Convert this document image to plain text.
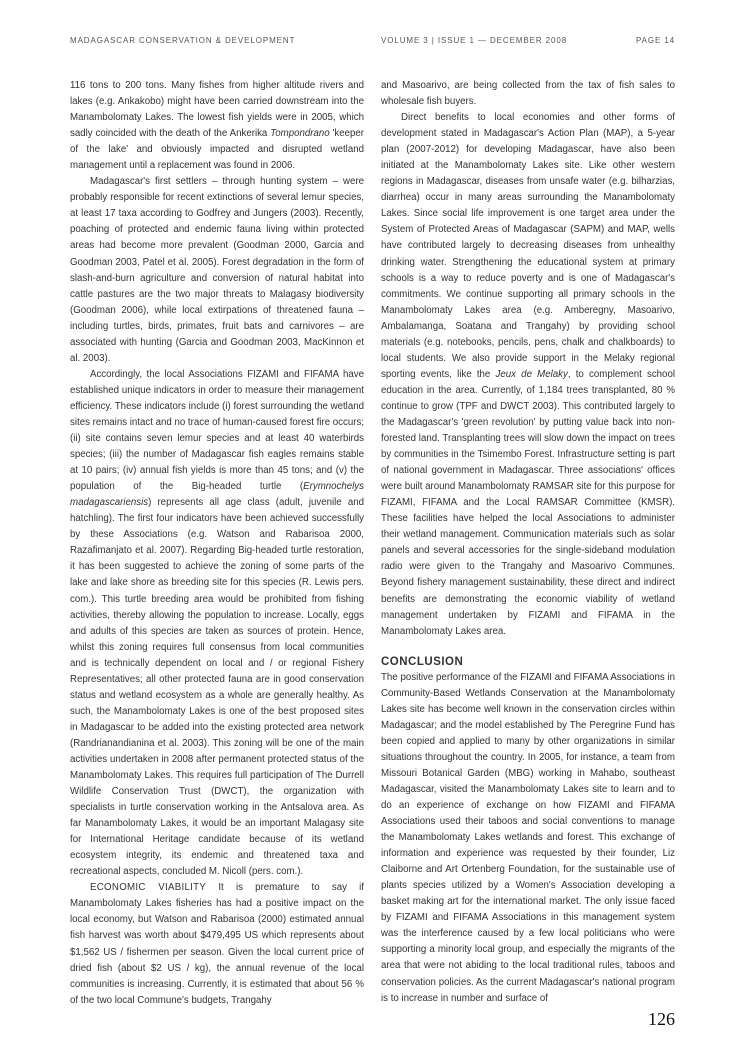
MADAGASCAR CONSERVATION & DEVELOPMENT	VOLUME 3 | ISSUE 1 — DECEMBER 2008	PAGE 14

116 tons to 200 tons. Many fishes from higher altitude rivers and lakes (e.g. Ankakobo) might have been carried downstream into the Manambolomaty Lakes. The lowest fish yields were in 2005, which sadly coincided with the death of the Ankerika Tompondrano 'keeper of the lake' and obviously impacted and disrupted wetland management until a replacement was found in 2006.

Madagascar's first settlers – through hunting system – were probably responsible for recent extinctions of several lemur species, at least 17 taxa according to Godfrey and Jungers (2003). Recently, poaching of protected and endemic fauna living within protected areas had become more prevalent (Goodman 2000, Garcia and Goodman 2003, Patel et al. 2005). Forest degradation in the form of slash-and-burn agriculture and conversion of natural habitat into cattle pastures are the two major threats to Malagasy biodiversity (Goodman 2006), while local extirpations of threatened fauna – including turtles, birds, primates, fruit bats and carnivores – are associated with hunting (Garcia and Goodman 2003, MacKinnon et al. 2003).

Accordingly, the local Associations FIZAMI and FIFAMA have established unique indicators in order to measure their management efficiency. These indicators include (i) forest surrounding the wetland sites remains intact and no trace of human-caused forest fire occurs; (ii) site contains seven lemur species and at least 40 waterbirds species; (iii) the number of Madagascar fish eagles remains stable at 10 pairs; (iv) annual fish yields is more than 45 tons; and (v) the population of the Big-headed turtle (Erymnochelys madagascariensis) represents all age class (adult, juvenile and hatchling). The first four indicators have been achieved successfully by these Associations (e.g. Watson and Rabarisoa 2000, Razafimanjato et al. 2007). Regarding Big-headed turtle restoration, it has been suggested to achieve the zoning of some parts of the lake and lake shore as breeding site for this species (R. Lewis pers. com.). This turtle breeding area would be prohibited from fishing activities, thereby allowing the population to increase. Locally, eggs and adults of this species are taken as sources of protein. Hence, whilst this zoning requires full consensus from local communities and is technically dependent on local and / or regional Fishery Representatives; all other protected fauna are in good conservation status and wetland ecosystem as a whole are generally healthy. As such, the Manambolomaty Lakes is one of the best proposed sites in Madagascar to be added into the existing protected area network (Randrianandianina et al. 2003). This zoning will be one of the main activities undertaken in 2008 after permanent protected status of the Manambolomaty Lakes. This requires full participation of The Durrell Wildlife Conservation Trust (DWCT), the organization with specialists in turtle conservation working in the Antsalova area. As far Manambolomaty Lakes, it would be an important Malagasy site for International Heritage candidate because of its wetland ecosystem integrity, its endemic and threatened taxa and recreational aspects, concluded M. Nicoll (pers. com.).

ECONOMIC VIABILITY It is premature to say if Manambolomaty Lakes fisheries has had a positive impact on the local economy, but Watson and Rabarisoa (2000) estimated annual fish harvest was worth about $479,495 US which represents about $1,562 US / fishermen per season. Given the local current price of dried fish (about $2 US / kg), the annual revenue of the local communities is increasing. Currently, it is estimated that about 56 % of the two local Commune's budgets, Trangahy

and Masoarivo, are being collected from the tax of fish sales to wholesale fish buyers.

Direct benefits to local economies and other forms of development stated in Madagascar's Action Plan (MAP), a 5-year plan (2007-2012) for developing Madagascar, have also been initiated at the Manambolomaty Lakes site. Like other western regions in Madagascar, diseases from unsafe water (e.g. bilharzias, diarrhea) occur in many areas surrounding the Manambolomaty Lakes. Since social life improvement is one target area under the System of Protected Areas of Madagascar (SAPM) and MAP, wells have contributed largely to decreasing diseases from unhealthy drinking water. Strengthening the educational system at primary schools is a way to reduce poverty and is one of Madagascar's commitments. We continue supporting all primary schools in the Manambolomaty Lakes area (e.g. Amberegny, Masoarivo, Ambalamanga, Soatana and Trangahy) by providing school materials (e.g. notebooks, pencils, pens, chalk and chalkboards) to local students. We also provide support in the Melaky regional sporting events, like the Jeux de Melaky, to complement school education in the area. Currently, of 1,184 trees transplanted, 80 % continue to grow (TPF and DWCT 2003). This contributed largely to the Madagascar's 'green revolution' by putting value back into non-forested land. Transplanting trees will slow down the impact on trees by communities in the Tsimembo Forest. Infrastructure setting is part of national government in Madagascar. Three associations' offices were built around Manambolomaty RAMSAR site for this purpose for FIZAMI, FIFAMA and the Local RAMSAR Committee (KMSR). These facilities have helped the local Associations to administer their wetland management. Communication materials such as solar panels and several accessories for the single-sideband modulation radio were given to the Trangahy and Masoarivo Communes. Beyond fishery management sustainability, these direct and indirect benefits are demonstrating the economic viability of wetland management undertaken by FIZAMI and FIFAMA in the Manambolomaty Lakes area.

CONCLUSION

The positive performance of the FIZAMI and FIFAMA Associations in Community-Based Wetlands Conservation at the Manambolomaty Lakes site has become well known in the conservation circles within Madagascar; and the model established by The Peregrine Fund has been copied and applied to many by other organizations in similar situations throughout the country. In 2005, for instance, a team from Missouri Botanical Garden (MBG) working in Mahabo, southeast Madagascar, visited the Manambolomaty Lakes site to learn and to do an experience of exchange on how FIZAMI and FIFAMA Associations used their taboos and social conventions to manage the Manambolomaty Lakes wetlands and forest. This exchange of information and experience was requested by their founder, Liz Claiborne and Art Ortenberg Foundation, for the sustainable use of plants species utilized by a Women's Association developing a basket making art for the international market. The only issue faced by FIZAMI and FIFAMA Associations in this management system was the interference caused by a few local politicians who were supporting a minority local group, and especially the migrants of the area that were not abiding to the local traditional rules, taboos and conservation policies. As the current Madagascar's national program is to increase in number and surface of

126
